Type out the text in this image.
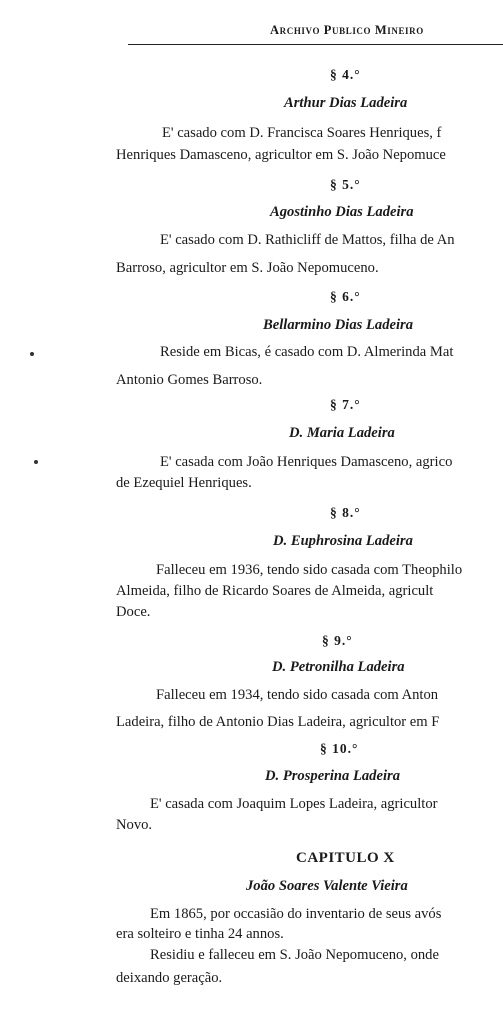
Archivo Publico Mineiro
§ 4.°
Arthur Dias Ladeira
E' casado com D. Francisca Soares Henriques, f
Henriques Damasceno, agricultor em S. João Nepomuce
§ 5.°
Agostinho Dias Ladeira
E' casado com D. Rathicliff de Mattos, filha de An
Barroso, agricultor em S. João Nepomuceno.
§ 6.°
Bellarmino Dias Ladeira
Reside em Bicas, é casado com D. Almerinda Mat
Antonio Gomes Barroso.
§ 7.°
D. Maria Ladeira
E' casada com João Henriques Damasceno, agrico
de Ezequiel Henriques.
§ 8.°
D. Euphrosina Ladeira
Falleceu em 1936, tendo sido casada com Theophilo
Almeida, filho de Ricardo Soares de Almeida, agricult
Doce.
§ 9.°
D. Petronilha Ladeira
Falleceu em 1934, tendo sido casada com Anton
Ladeira, filho de Antonio Dias Ladeira, agricultor em F
§ 10.°
D. Prosperina Ladeira
E' casada com Joaquim Lopes Ladeira, agricultor
Novo.
CAPITULO X
João Soares Valente Vieira
Em 1865, por occasião do inventario de seus avós
era solteiro e tinha 24 annos.
Residiu e falleceu em S. João Nepomuceno, onde
deixando geração.
